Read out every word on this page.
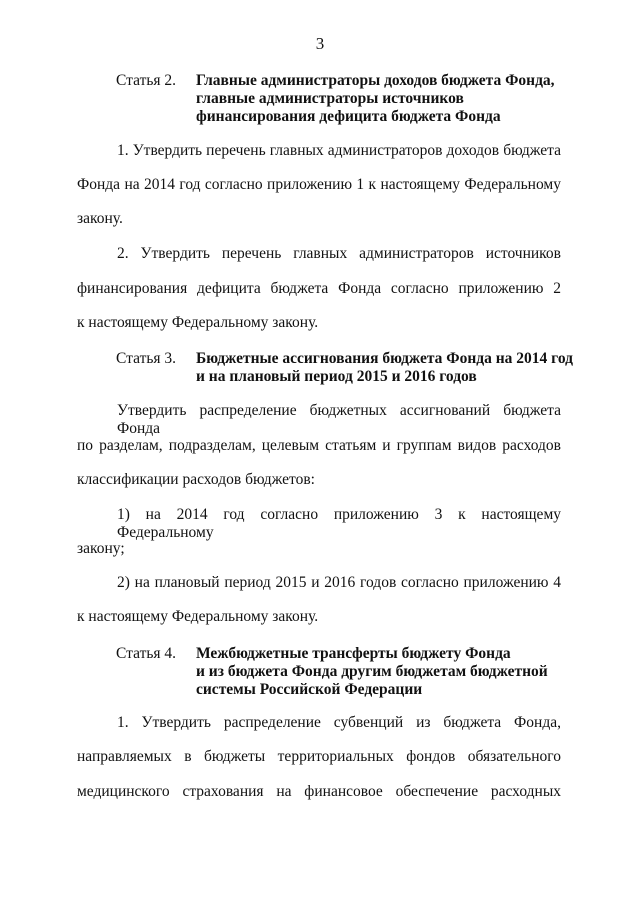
3
Статья 2.	Главные администраторы доходов бюджета Фонда,
главные администраторы источников
финансирования дефицита бюджета Фонда
1. Утвердить перечень главных администраторов доходов бюджета
Фонда на 2014 год согласно приложению 1 к настоящему Федеральному
закону.
2. Утвердить перечень главных администраторов источников
финансирования дефицита бюджета Фонда согласно приложению 2
к настоящему Федеральному закону.
Статья 3.	Бюджетные ассигнования бюджета Фонда на 2014 год
и на плановый период 2015 и 2016 годов
Утвердить распределение бюджетных ассигнований бюджета Фонда
по разделам, подразделам, целевым статьям и группам видов расходов
классификации расходов бюджетов:
1) на 2014 год согласно приложению 3 к настоящему Федеральному
закону;
2) на плановый период 2015 и 2016 годов согласно приложению 4
к настоящему Федеральному закону.
Статья 4.	Межбюджетные трансферты бюджету Фонда
и из бюджета Фонда другим бюджетам бюджетной
системы Российской Федерации
1. Утвердить распределение субвенций из бюджета Фонда,
направляемых в бюджеты территориальных фондов обязательного
медицинского страхования на финансовое обеспечение расходных
